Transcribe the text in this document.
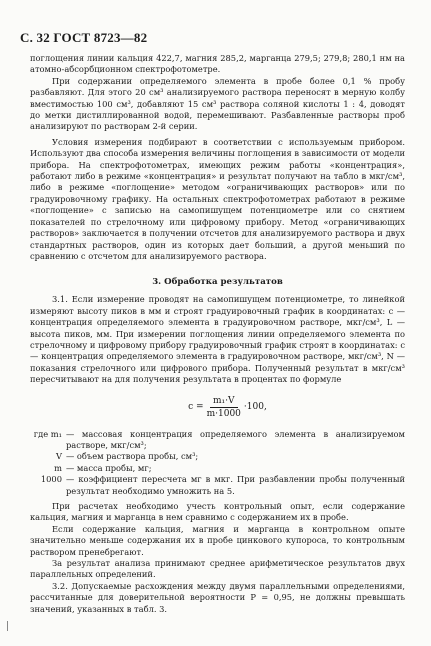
С. 32 ГОСТ 8723—82

поглощения линии кальция 422,7, магния 285,2, марганца 279,5; 279,8; 280,1 нм на атомно-абсорбционном спектрофотометре.

При содержании определяемого элемента в пробе более 0,1 % пробу разбавляют. Для этого 20 см³ анализируемого раствора переносят в мерную колбу вместимостью 100 см³, добавляют 15 см³ раствора соляной кислоты 1 : 4, доводят до метки дистиллированной водой, перемешивают. Разбавленные растворы проб анализируют по растворам 2-й серии.

Условия измерения подбирают в соответствии с используемым прибором. Используют два способа измерения величины поглощения в зависимости от модели прибора. На спектрофотометрах, имеющих режим работы «концентрация», работают либо в режиме «концентрация» и результат получают на табло в мкг/см³, либо в режиме «поглощение» методом «ограничивающих растворов» или по градуировочному графику. На остальных спектрофотометрах работают в режиме «поглощение» с записью на самопишущем потенциометре или со снятием показателей по стрелочному или цифровому прибору. Метод «ограничивающих растворов» заключается в получении отсчетов для анализируемого раствора и двух стандартных растворов, один из которых дает больший, а другой меньший по сравнению с отсчетом для анализируемого раствора.

3. Обработка результатов

3.1. Если измерение проводят на самопишущем потенциометре, то линейкой измеряют высоту пиков в мм и строят градуировочный график в координатах: c — концентрация определяемого элемента в градуировочном растворе, мкг/см³, L — высота пиков, мм. При измерении поглощения линии определяемого элемента по стрелочному и цифровому прибору градуировочный график строят в координатах: c — концентрация определяемого элемента в градуировочном растворе, мкг/см³, N — показания стрелочного или цифрового прибора. Полученный результат в мкг/см³ пересчитывают на для получения результата в процентах по формуле

$c = \frac{\text{m₁·V}}{m\cdot 1000} \cdot 100$,
где m₁ — массовая концентрация определяемого элемента в анализируемом растворе, мкг/см³;
V — объем раствора пробы, см³;
m — масса пробы, мг;
1000 — коэффициент пересчета мг в мкг. При разбавлении пробы полученный результат необходимо умножить на 5.

При расчетах необходимо учесть контрольный опыт, если содержание кальция, магния и марганца в нем сравнимо с содержанием их в пробе.

Если содержание кальция, магния и марганца в контрольном опыте значительно меньше содержания их в пробе цинкового купороса, то контрольным раствором пренебрегают.

За результат анализа принимают среднее арифметическое результатов двух параллельных определений.

3.2. Допускаемые расхождения между двумя параллельными определениями, рассчитанные для доверительной вероятности P = 0,95, не должны превышать значений, указанных в табл. 3.
